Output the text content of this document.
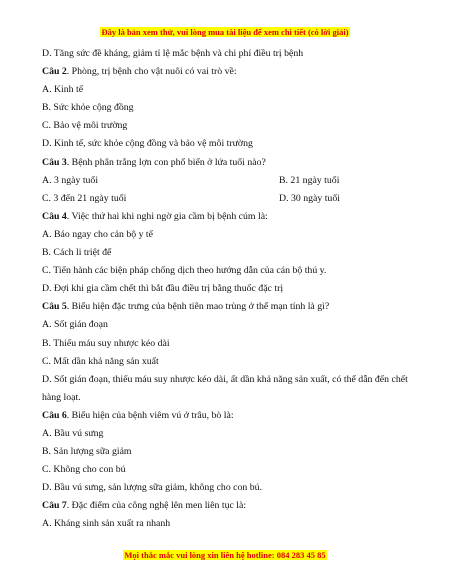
Đây là bản xem thử, vui lòng mua tài liệu để xem chi tiết (có lời giải)
D. Tăng sức đề kháng, giảm tỉ lệ mắc bệnh và chi phí điều trị bệnh
Câu 2. Phòng, trị bệnh cho vật nuôi có vai trò về:
A. Kinh tế
B. Sức khỏe cộng đồng
C. Bảo vệ môi trường
D. Kinh tế, sức khỏe cộng đồng và bảo vệ môi trường
Câu 3. Bệnh phân trắng lợn con phổ biến ở lứa tuổi nào?
A. 3 ngày tuổi	B. 21 ngày tuổi
C. 3 đến 21 ngày tuổi	D. 30 ngày tuổi
Câu 4. Việc thứ hai khi nghi ngờ gia cầm bị bệnh cúm là:
A. Báo ngay cho cán bộ y tế
B. Cách li triệt để
C. Tiến hành các biện pháp chống dịch theo hướng dẫn của cán bộ thú y.
D. Đợi khi gia cầm chết thì bắt đầu điều trị bằng thuốc đặc trị
Câu 5. Biểu hiện đặc trưng của bệnh tiên mao trùng ở thể mạn tính là gì?
A. Sốt gián đoạn
B. Thiếu máu suy nhược kéo dài
C. Mất dần khả năng sản xuất
D. Sốt gián đoạn, thiếu máu suy nhược kéo dài, ất dần khả năng sản xuất, có thể dẫn đến chết hàng loạt.
Câu 6. Biểu hiện của bệnh viêm vú ở trâu, bò là:
A. Bầu vú sưng
B. Sản lượng sữa giảm
C. Không cho con bú
D. Bầu vú sưng, sản lượng sữa giảm, không cho con bú.
Câu 7. Đặc điểm của công nghệ lên men liên tục là:
A. Kháng sinh sản xuất ra nhanh
Mọi thắc mắc vui lòng xin liên hệ hotline: 084 283 45 85
